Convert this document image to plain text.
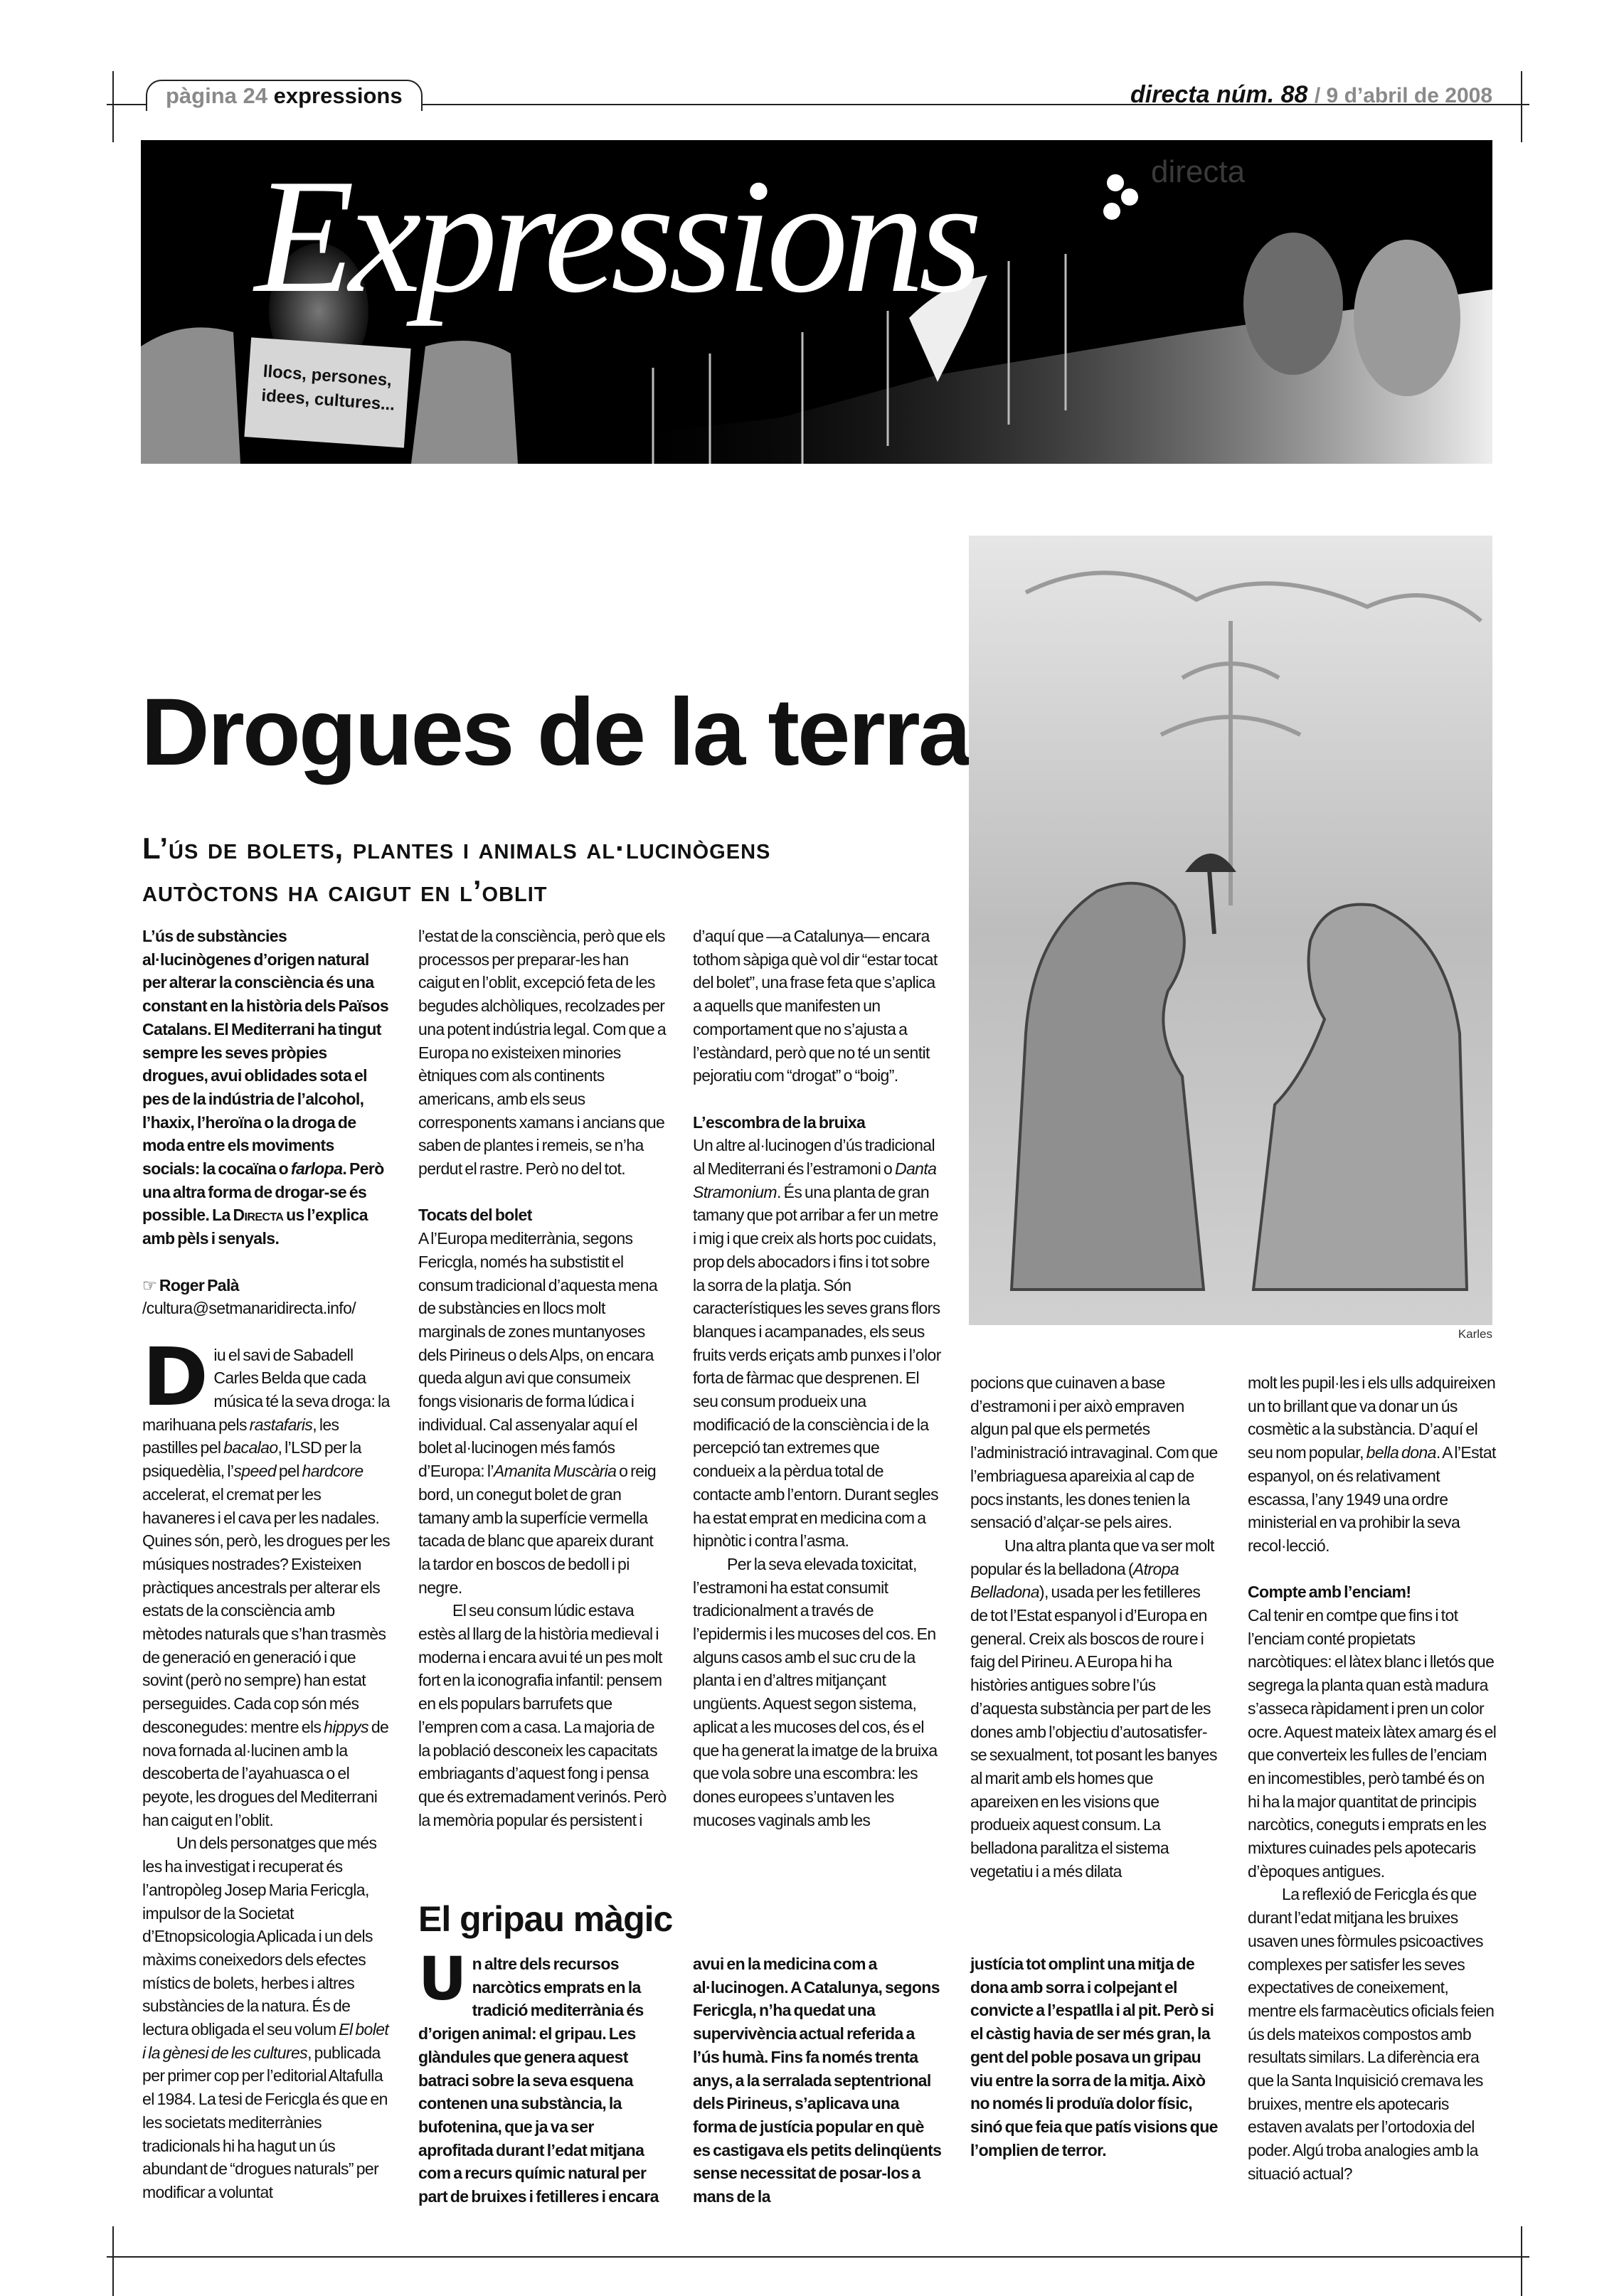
pàgina 24 expressions	directa núm. 88 / 9 d’abril de 2008
Expressions	directa
llocs, persones,
idees, cultures...
Drogues de la terra
L’ús de bolets, plantes i animals al·lucinògens
autòctons ha caigut en l’oblit
Karles

L’ús de substàncies al·lucinògenes d’origen natural per alterar la consciència és una constant en la història dels Països Catalans. El Mediterrani ha tingut sempre les seves pròpies drogues, avui oblidades sota el pes de la indústria de l’alcohol, l’haxix, l’heroïna o la droga de moda entre els moviments socials: la cocaïna o farlopa. Però una altra forma de drogar-se és possible. La Directa us l’explica amb pèls i senyals.

☞ Roger Palà

/cultura@setmanaridirecta.info/

D iu el savi de Sabadell Carles Belda que cada música té la seva droga: la marihuana pels rastafaris, les pastilles pel bacalao, l’LSD per la psiquedèlia, l’speed pel hardcore accelerat, el cremat per les havaneres i el cava per les nadales. Quines són, però, les drogues per les músiques nostrades? Existeixen pràctiques ancestrals per alterar els estats de la consciència amb mètodes naturals que s’han trasmès de generació en generació i que sovint (però no sempre) han estat perseguides. Cada cop són més desconegudes: mentre els hippys de nova fornada al·lucinen amb la descoberta de l’ayahuasca o el peyote, les drogues del Mediterrani han caigut en l’oblit.

Un dels personatges que més les ha investigat i recuperat és l’antropòleg Josep Maria Fericgla, impulsor de la Societat d’Etnopsicologia Aplicada i un dels màxims coneixedors dels efectes místics de bolets, herbes i altres substàncies de la natura. És de lectura obligada el seu volum El bolet i la gènesi de les cultures, publicada per primer cop per l’editorial Altafulla el 1984. La tesi de Fericgla és que en les societats mediterrànies tradicionals hi ha hagut un ús abundant de “drogues naturals” per modificar a voluntat

l’estat de la consciència, però que els processos per preparar-les han caigut en l’oblit, excepció feta de les begudes alchòliques, recolzades per una potent indústria legal. Com que a Europa no existeixen minories ètniques com als continents americans, amb els seus corresponents xamans i ancians que saben de plantes i remeis, se n’ha perdut el rastre. Però no del tot.

Tocats del bolet

A l’Europa mediterrània, segons Fericgla, només ha substistit el consum tradicional d’aquesta mena de substàncies en llocs molt marginals de zones muntanyoses dels Pirineus o dels Alps, on encara queda algun avi que consumeix fongs visionaris de forma lúdica i individual. Cal assenyalar aquí el bolet al·lucinogen més famós d’Europa: l’Amanita Muscària o reig bord, un conegut bolet de gran tamany amb la superfície vermella tacada de blanc que apareix durant la tardor en boscos de bedoll i pi negre.

El seu consum lúdic estava estès al llarg de la història medieval i moderna i encara avui té un pes molt fort en la iconografia infantil: pensem en els populars barrufets que l’empren com a casa. La majoria de la població desconeix les capacitats embriagants d’aquest fong i pensa que és extremadament verinós. Però la memòria popular és persistent i

d’aquí que —a Catalunya— encara tothom sàpiga què vol dir “estar tocat del bolet”, una frase feta que s’aplica a aquells que manifesten un comportament que no s’ajusta a l’estàndard, però que no té un sentit pejoratiu com “drogat” o “boig”.

L’escombra de la bruixa

Un altre al·lucinogen d’ús tradicional al Mediterrani és l’estramoni o Danta Stramonium. És una planta de gran tamany que pot arribar a fer un metre i mig i que creix als horts poc cuidats, prop dels abocadors i fins i tot sobre la sorra de la platja. Són característiques les seves grans flors blanques i acampanades, els seus fruits verds eriçats amb punxes i l’olor forta de fàrmac que desprenen. El seu consum produeix una modificació de la consciència i de la percepció tan extremes que condueix a la pèrdua total de contacte amb l’entorn. Durant segles ha estat emprat en medicina com a hipnòtic i contra l’asma.

Per la seva elevada toxicitat, l’estramoni ha estat consumit tradicionalment a través de l’epidermis i les mucoses del cos. En alguns casos amb el suc cru de la planta i en d’altres mitjançant ungüents. Aquest segon sistema, aplicat a les mucoses del cos, és el que ha generat la imatge de la bruixa que vola sobre una escombra: les dones europees s’untaven les mucoses vaginals amb les

pocions que cuinaven a base d’estramoni i per això empraven algun pal que els permetés l’administració intravaginal. Com que l’embriaguesa apareixia al cap de pocs instants, les dones tenien la sensació d’alçar-se pels aires.

Una altra planta que va ser molt popular és la belladona (Atropa Belladona), usada per les fetilleres de tot l’Estat espanyol i d’Europa en general. Creix als boscos de roure i faig del Pirineu. A Europa hi ha històries antigues sobre l’ús d’aquesta substància per part de les dones amb l’objectiu d’autosatisfer-se sexualment, tot posant les banyes al marit amb els homes que apareixen en les visions que produeix aquest consum. La belladona paralitza el sistema vegetatiu i a més dilata

molt les pupil·les i els ulls adquireixen un to brillant que va donar un ús cosmètic a la substància. D’aquí el seu nom popular, bella dona. A l’Estat espanyol, on és relativament escassa, l’any 1949 una ordre ministerial en va prohibir la seva recol·lecció.

Compte amb l’enciam!

Cal tenir en comtpe que fins i tot l’enciam conté propietats narcòtiques: el làtex blanc i lletós que segrega la planta quan està madura s’asseca ràpidament i pren un color ocre. Aquest mateix làtex amarg és el que converteix les fulles de l’enciam en incomestibles, però també és on hi ha la major quantitat de principis narcòtics, coneguts i emprats en les mixtures cuinades pels apotecaris d’èpoques antigues.

La reflexió de Fericgla és que durant l’edat mitjana les bruixes usaven unes fòrmules psicoactives complexes per satisfer les seves expectatives de coneixement, mentre els farmacèutics oficials feien ús dels mateixos compostos amb resultats similars. La diferència era que la Santa Inquisició cremava les bruixes, mentre els apotecaris estaven avalats per l’ortodoxia del poder. Algú troba analogies amb la situació actual?

El gripau màgic

U n altre dels recursos narcòtics emprats en la tradició mediterrània és d’origen animal: el gripau. Les glàndules que genera aquest batraci sobre la seva esquena contenen una substància, la bufotenina, que ja va ser aprofitada durant l’edat mitjana com a recurs químic natural per part de bruixes i fetilleres i encara

avui en la medicina com a al·lucinogen. A Catalunya, segons Fericgla, n’ha quedat una supervivència actual referida a l’ús humà. Fins fa només trenta anys, a la serralada septentrional dels Pirineus, s’aplicava una forma de justícia popular en què es castigava els petits delinqüents sense necessitat de posar-los a mans de la

justícia tot omplint una mitja de dona amb sorra i colpejant el convicte a l’espatlla i al pit. Però si el càstig havia de ser més gran, la gent del poble posava un gripau viu entre la sorra de la mitja. Això no només li produïa dolor físic, sinó que feia que patís visions que l’omplien de terror.
